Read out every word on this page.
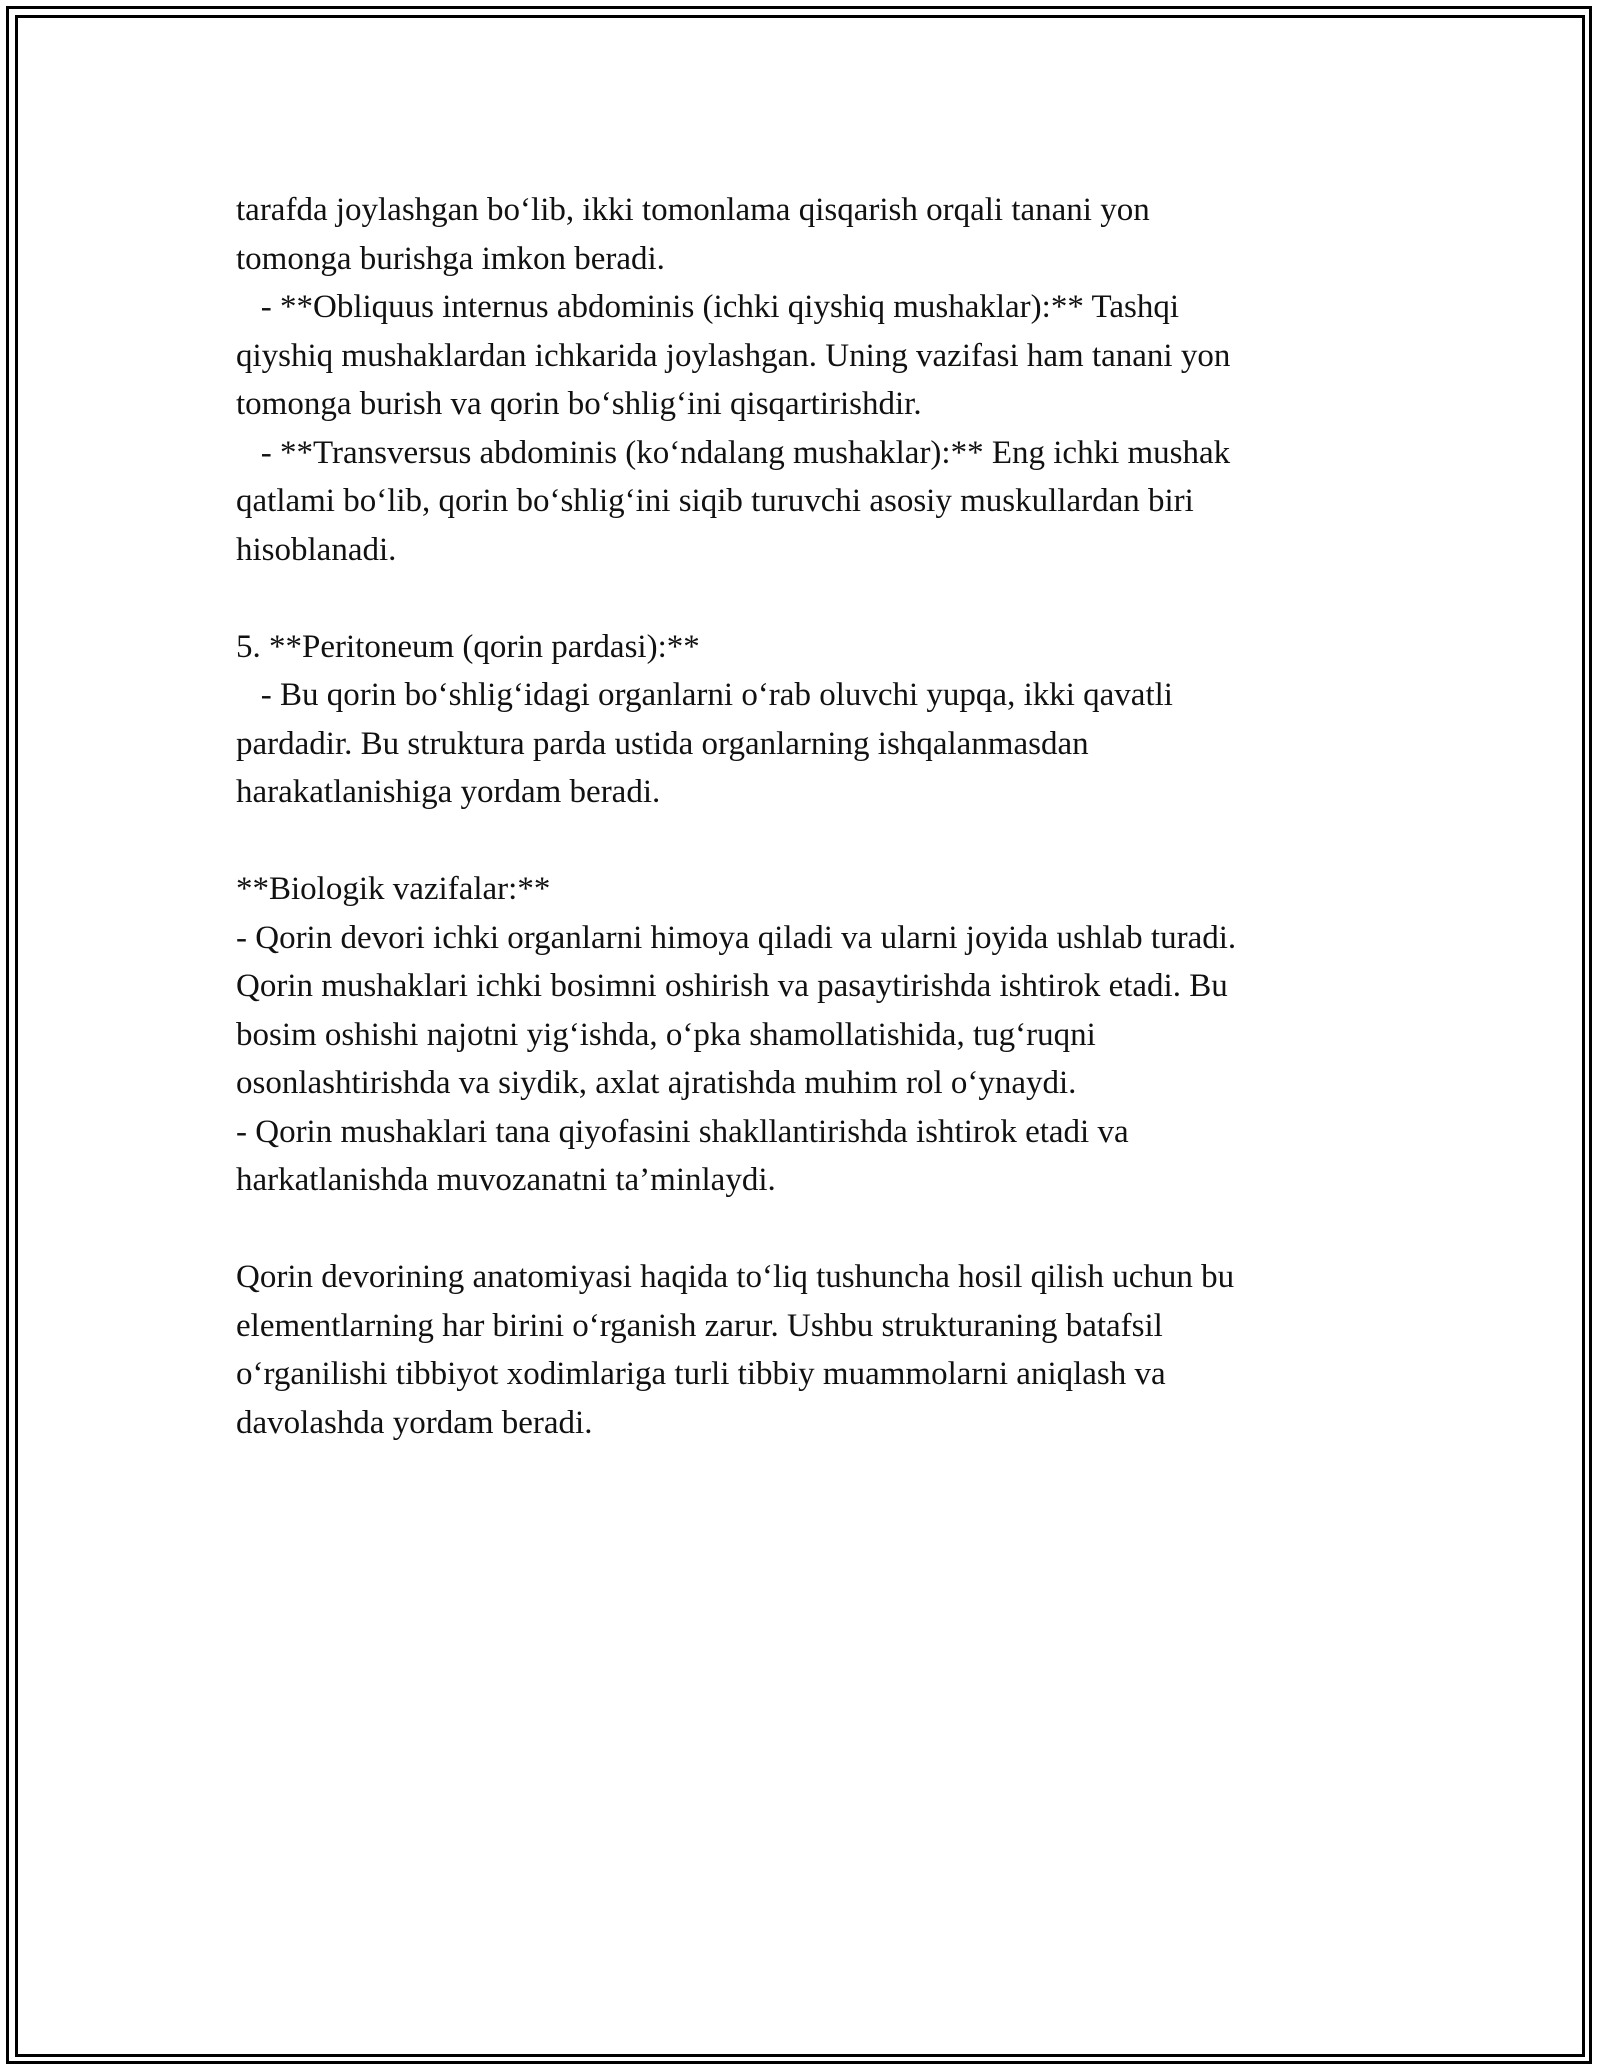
tarafda joylashgan bo‘lib, ikki tomonlama qisqarish orqali tanani yon
tomonga burishga imkon beradi.
- **Obliquus internus abdominis (ichki qiyshiq mushaklar):** Tashqi
qiyshiq mushaklardan ichkarida joylashgan. Uning vazifasi ham tanani yon
tomonga burish va qorin bo‘shlig‘ini qisqartirishdir.
- **Transversus abdominis (ko‘ndalang mushaklar):** Eng ichki mushak
qatlami bo‘lib, qorin bo‘shlig‘ini siqib turuvchi asosiy muskullardan biri
hisoblanadi.
5. **Peritoneum (qorin pardasi):**
- Bu qorin bo‘shlig‘idagi organlarni o‘rab oluvchi yupqa, ikki qavatli
pardadir. Bu struktura parda ustida organlarning ishqalanmasdan
harakatlanishiga yordam beradi.
**Biologik vazifalar:**
- Qorin devori ichki organlarni himoya qiladi va ularni joyida ushlab turadi.
Qorin mushaklari ichki bosimni oshirish va pasaytirishda ishtirok etadi. Bu
bosim oshishi najotni yig‘ishda, o‘pka shamollatishida, tug‘ruqni
osonlashtirishda va siydik, axlat ajratishda muhim rol o‘ynaydi.
- Qorin mushaklari tana qiyofasini shakllantirishda ishtirok etadi va
harkatlanishda muvozanatni ta’minlaydi.
Qorin devorining anatomiyasi haqida to‘liq tushuncha hosil qilish uchun bu
elementlarning har birini o‘rganish zarur. Ushbu strukturaning batafsil
o‘rganilishi tibbiyot xodimlariga turli tibbiy muammolarni aniqlash va
davolashda yordam beradi.
